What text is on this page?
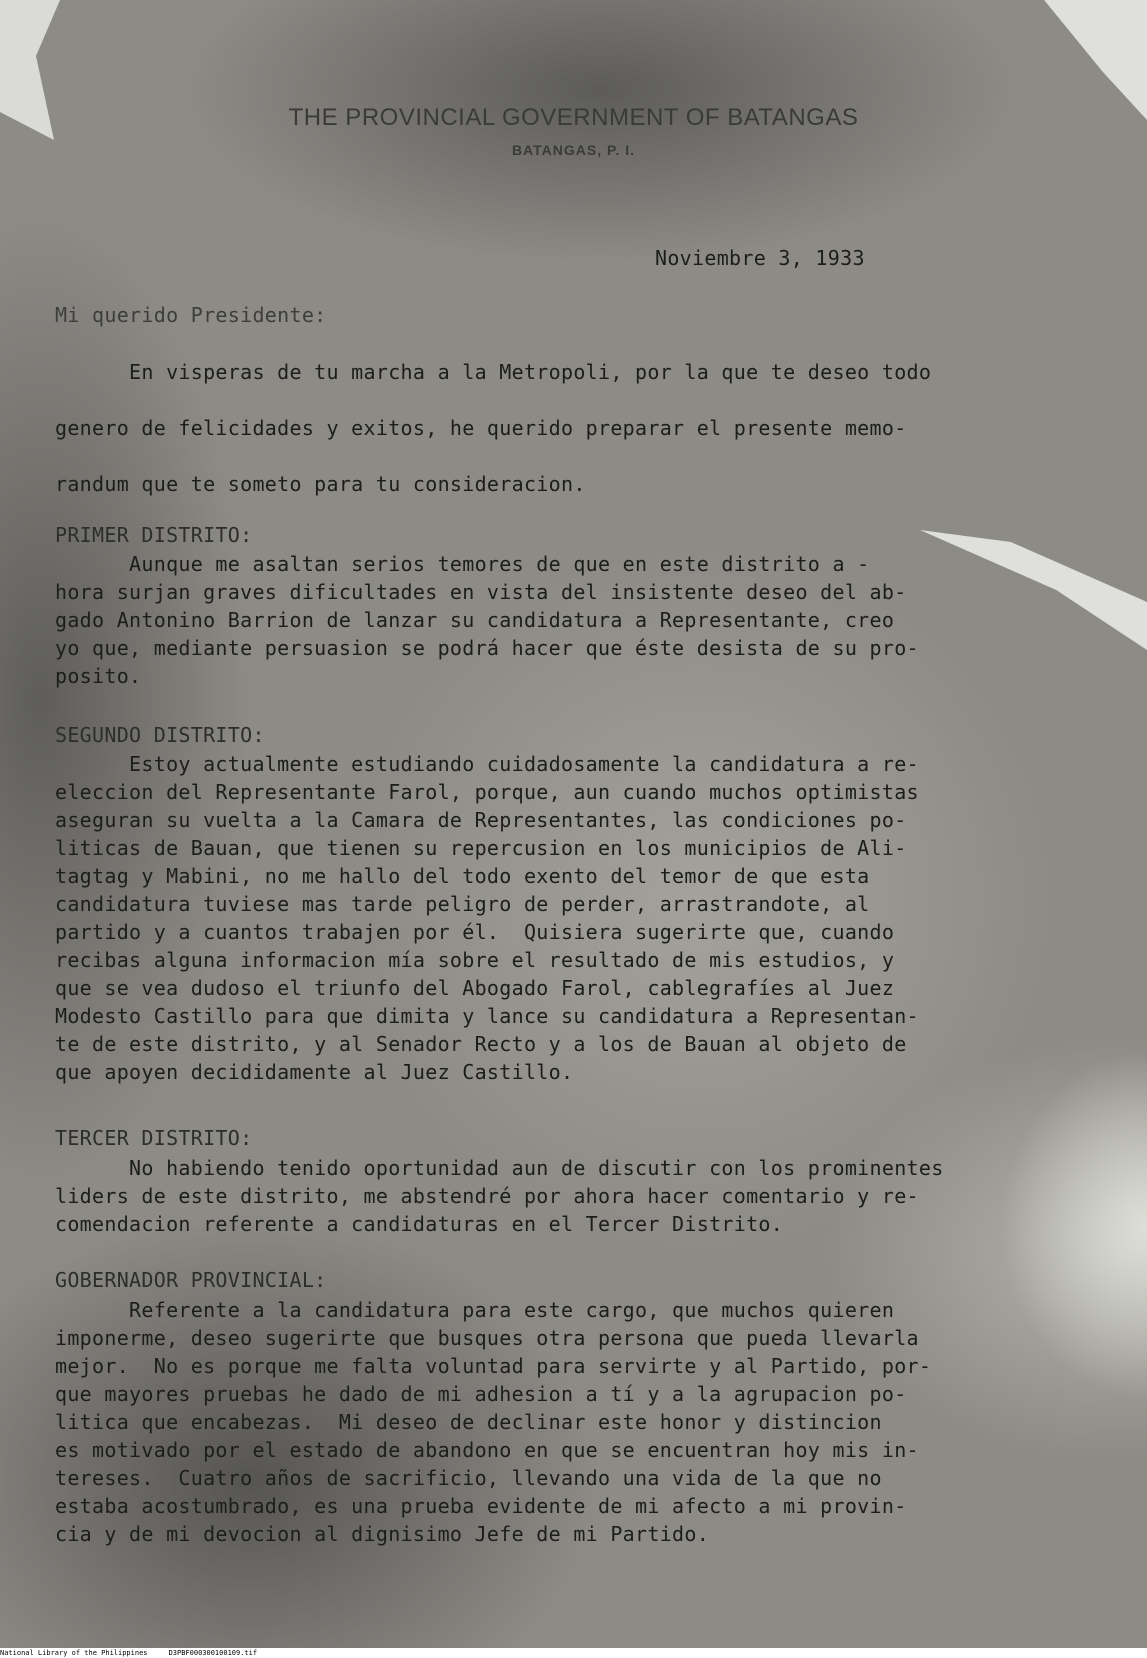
THE PROVINCIAL GOVERNMENT OF BATANGAS
BATANGAS, P. I.
Noviembre 3, 1933
Mi querido Presidente:
En visperas de tu marcha a la Metropoli, por la que te deseo todo
genero de felicidades y exitos, he querido preparar el presente memo-
randum que te someto para tu consideracion.
PRIMER DISTRITO:
Aunque me asaltan serios temores de que en este distrito a -
hora surjan graves dificultades en vista del insistente deseo del ab-
gado Antonino Barrion de lanzar su candidatura a Representante, creo
yo que, mediante persuasion se podrá hacer que éste desista de su pro-
posito.
SEGUNDO DISTRITO:
Estoy actualmente estudiando cuidadosamente la candidatura a re-
eleccion del Representante Farol, porque, aun cuando muchos optimistas
aseguran su vuelta a la Camara de Representantes, las condiciones po-
liticas de Bauan, que tienen su repercusion en los municipios de Ali-
tagtag y Mabini, no me hallo del todo exento del temor de que esta
candidatura tuviese mas tarde peligro de perder, arrastrandote, al
partido y a cuantos trabajen por él.  Quisiera sugerirte que, cuando
recibas alguna informacion mía sobre el resultado de mis estudios, y
que se vea dudoso el triunfo del Abogado Farol, cablegrafíes al Juez
Modesto Castillo para que dimita y lance su candidatura a Representan-
te de este distrito, y al Senador Recto y a los de Bauan al objeto de
que apoyen decididamente al Juez Castillo.
TERCER DISTRITO:
No habiendo tenido oportunidad aun de discutir con los prominentes
liders de este distrito, me abstendré por ahora hacer comentario y re-
comendacion referente a candidaturas en el Tercer Distrito.
GOBERNADOR PROVINCIAL:
Referente a la candidatura para este cargo, que muchos quieren
imponerme, deseo sugerirte que busques otra persona que pueda llevarla
mejor.  No es porque me falta voluntad para servirte y al Partido, por-
que mayores pruebas he dado de mi adhesion a tí y a la agrupacion po-
litica que encabezas.  Mi deseo de declinar este honor y distincion
es motivado por el estado de abandono en que se encuentran hoy mis in-
tereses.  Cuatro años de sacrificio, llevando una vida de la que no
estaba acostumbrado, es una prueba evidente de mi afecto a mi provin-
cia y de mi devocion al dignisimo Jefe de mi Partido.
National Library of the Philippines     D3PBF000300100109.tif
